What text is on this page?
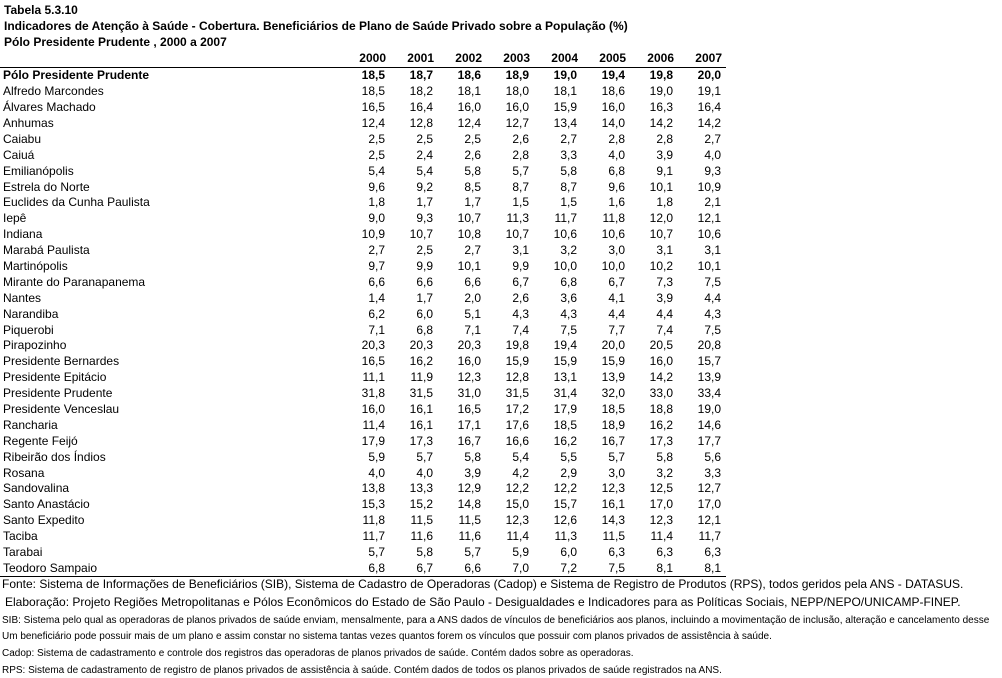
Tabela 5.3.10
Indicadores de Atenção à Saúde - Cobertura. Beneficiários de Plano de Saúde Privado sobre a População (%)
Pólo Presidente Prudente , 2000 a 2007
	2000	2001	2002	2003	2004	2005	2006	2007
Pólo Presidente Prudente	18,5	18,7	18,6	18,9	19,0	19,4	19,8	20,0
Alfredo Marcondes	18,5	18,2	18,1	18,0	18,1	18,6	19,0	19,1
Álvares Machado	16,5	16,4	16,0	16,0	15,9	16,0	16,3	16,4
Anhumas	12,4	12,8	12,4	12,7	13,4	14,0	14,2	14,2
Caiabu	2,5	2,5	2,5	2,6	2,7	2,8	2,8	2,7
Caiuá	2,5	2,4	2,6	2,8	3,3	4,0	3,9	4,0
Emilianópolis	5,4	5,4	5,8	5,7	5,8	6,8	9,1	9,3
Estrela do Norte	9,6	9,2	8,5	8,7	8,7	9,6	10,1	10,9
Euclides da Cunha Paulista	1,8	1,7	1,7	1,5	1,5	1,6	1,8	2,1
Iepê	9,0	9,3	10,7	11,3	11,7	11,8	12,0	12,1
Indiana	10,9	10,7	10,8	10,7	10,6	10,6	10,7	10,6
Marabá Paulista	2,7	2,5	2,7	3,1	3,2	3,0	3,1	3,1
Martinópolis	9,7	9,9	10,1	9,9	10,0	10,0	10,2	10,1
Mirante do Paranapanema	6,6	6,6	6,6	6,7	6,8	6,7	7,3	7,5
Nantes	1,4	1,7	2,0	2,6	3,6	4,1	3,9	4,4
Narandiba	6,2	6,0	5,1	4,3	4,3	4,4	4,4	4,3
Piquerobi	7,1	6,8	7,1	7,4	7,5	7,7	7,4	7,5
Pirapozinho	20,3	20,3	20,3	19,8	19,4	20,0	20,5	20,8
Presidente Bernardes	16,5	16,2	16,0	15,9	15,9	15,9	16,0	15,7
Presidente Epitácio	11,1	11,9	12,3	12,8	13,1	13,9	14,2	13,9
Presidente Prudente	31,8	31,5	31,0	31,5	31,4	32,0	33,0	33,4
Presidente Venceslau	16,0	16,1	16,5	17,2	17,9	18,5	18,8	19,0
Rancharia	11,4	16,1	17,1	17,6	18,5	18,9	16,2	14,6
Regente Feijó	17,9	17,3	16,7	16,6	16,2	16,7	17,3	17,7
Ribeirão dos Índios	5,9	5,7	5,8	5,4	5,5	5,7	5,8	5,6
Rosana	4,0	4,0	3,9	4,2	2,9	3,0	3,2	3,3
Sandovalina	13,8	13,3	12,9	12,2	12,2	12,3	12,5	12,7
Santo Anastácio	15,3	15,2	14,8	15,0	15,7	16,1	17,0	17,0
Santo Expedito	11,8	11,5	11,5	12,3	12,6	14,3	12,3	12,1
Taciba	11,7	11,6	11,6	11,4	11,3	11,5	11,4	11,7
Tarabai	5,7	5,8	5,7	5,9	6,0	6,3	6,3	6,3
Teodoro Sampaio	6,8	6,7	6,6	7,0	7,2	7,5	8,1	8,1
Fonte: Sistema de Informações de Beneficiários (SIB), Sistema de Cadastro de Operadoras (Cadop) e Sistema de Registro de Produtos (RPS), todos geridos pela ANS - DATASUS.
Elaboração: Projeto Regiões Metropolitanas e Pólos Econômicos do Estado de São Paulo - Desigualdades e Indicadores para as Políticas Sociais, NEPP/NEPO/UNICAMP-FINEP.
SIB: Sistema pelo qual as operadoras de planos privados de saúde enviam, mensalmente, para a ANS dados de vínculos de beneficiários aos planos, incluindo a movimentação de inclusão, alteração e cancelamento desse
Um beneficiário pode possuir mais de um plano e assim constar no sistema tantas vezes quantos forem os vínculos que possuir com planos privados de assistência à saúde.
Cadop: Sistema de cadastramento e controle dos registros das operadoras de planos privados de saúde. Contém dados sobre as operadoras.
RPS: Sistema de cadastramento de registro de planos privados de assistência à saúde. Contém dados de todos os planos privados de saúde registrados na ANS.
